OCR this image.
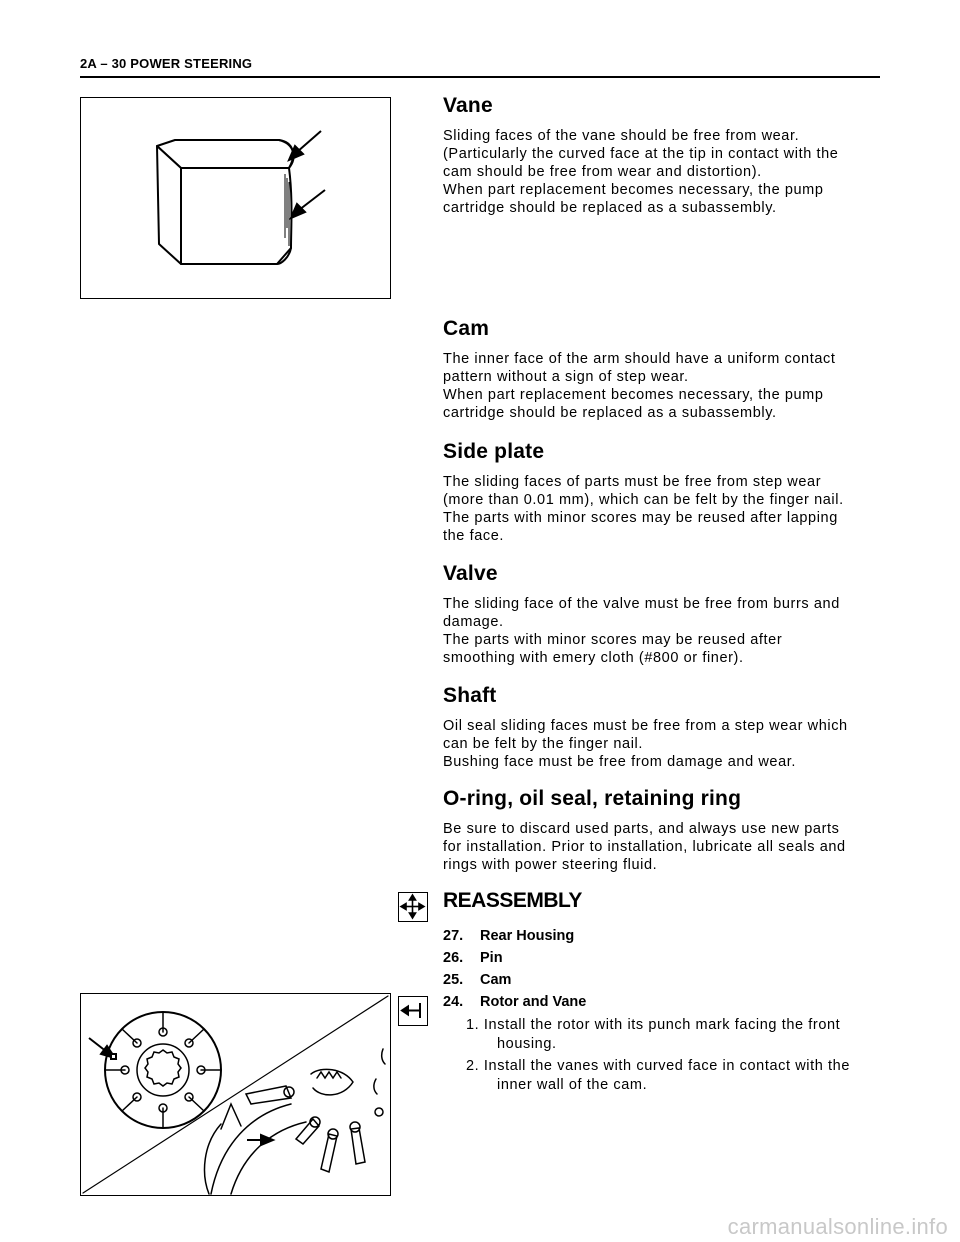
2A – 30 POWER STEERING
Vane

Sliding faces of the vane should be free from wear.
(Particularly the curved face at the tip in contact with the
cam should be free from wear and distortion).
When part replacement becomes necessary, the pump
cartridge should be replaced as a subassembly.

Cam

The inner face of the arm should have a uniform contact
pattern without a sign of step wear.
When part replacement becomes necessary, the pump
cartridge should be replaced as a subassembly.

Side plate

The sliding faces of parts must be free from step wear
(more than 0.01 mm), which can be felt by the finger nail.
The parts with minor scores may be reused after lapping
the face.

Valve

The sliding face of the valve must be free from burrs and
damage.
The parts with minor scores may be reused after
smoothing with emery cloth (#800 or finer).

Shaft

Oil seal sliding faces must be free from a step wear which
can be felt by the finger nail.
Bushing face must be free from damage and wear.

O-ring, oil seal, retaining ring

Be sure to discard used parts, and always use new parts
for installation. Prior to installation, lubricate all seals and
rings with power steering fluid.

REASSEMBLY
27. Rear Housing
26. Pin
25. Cam
24. Rotor and Vane
1. Install the rotor with its punch mark facing the front housing.
2. Install the vanes with curved face in contact with the inner wall of the cam.
carmanualsonline.info
